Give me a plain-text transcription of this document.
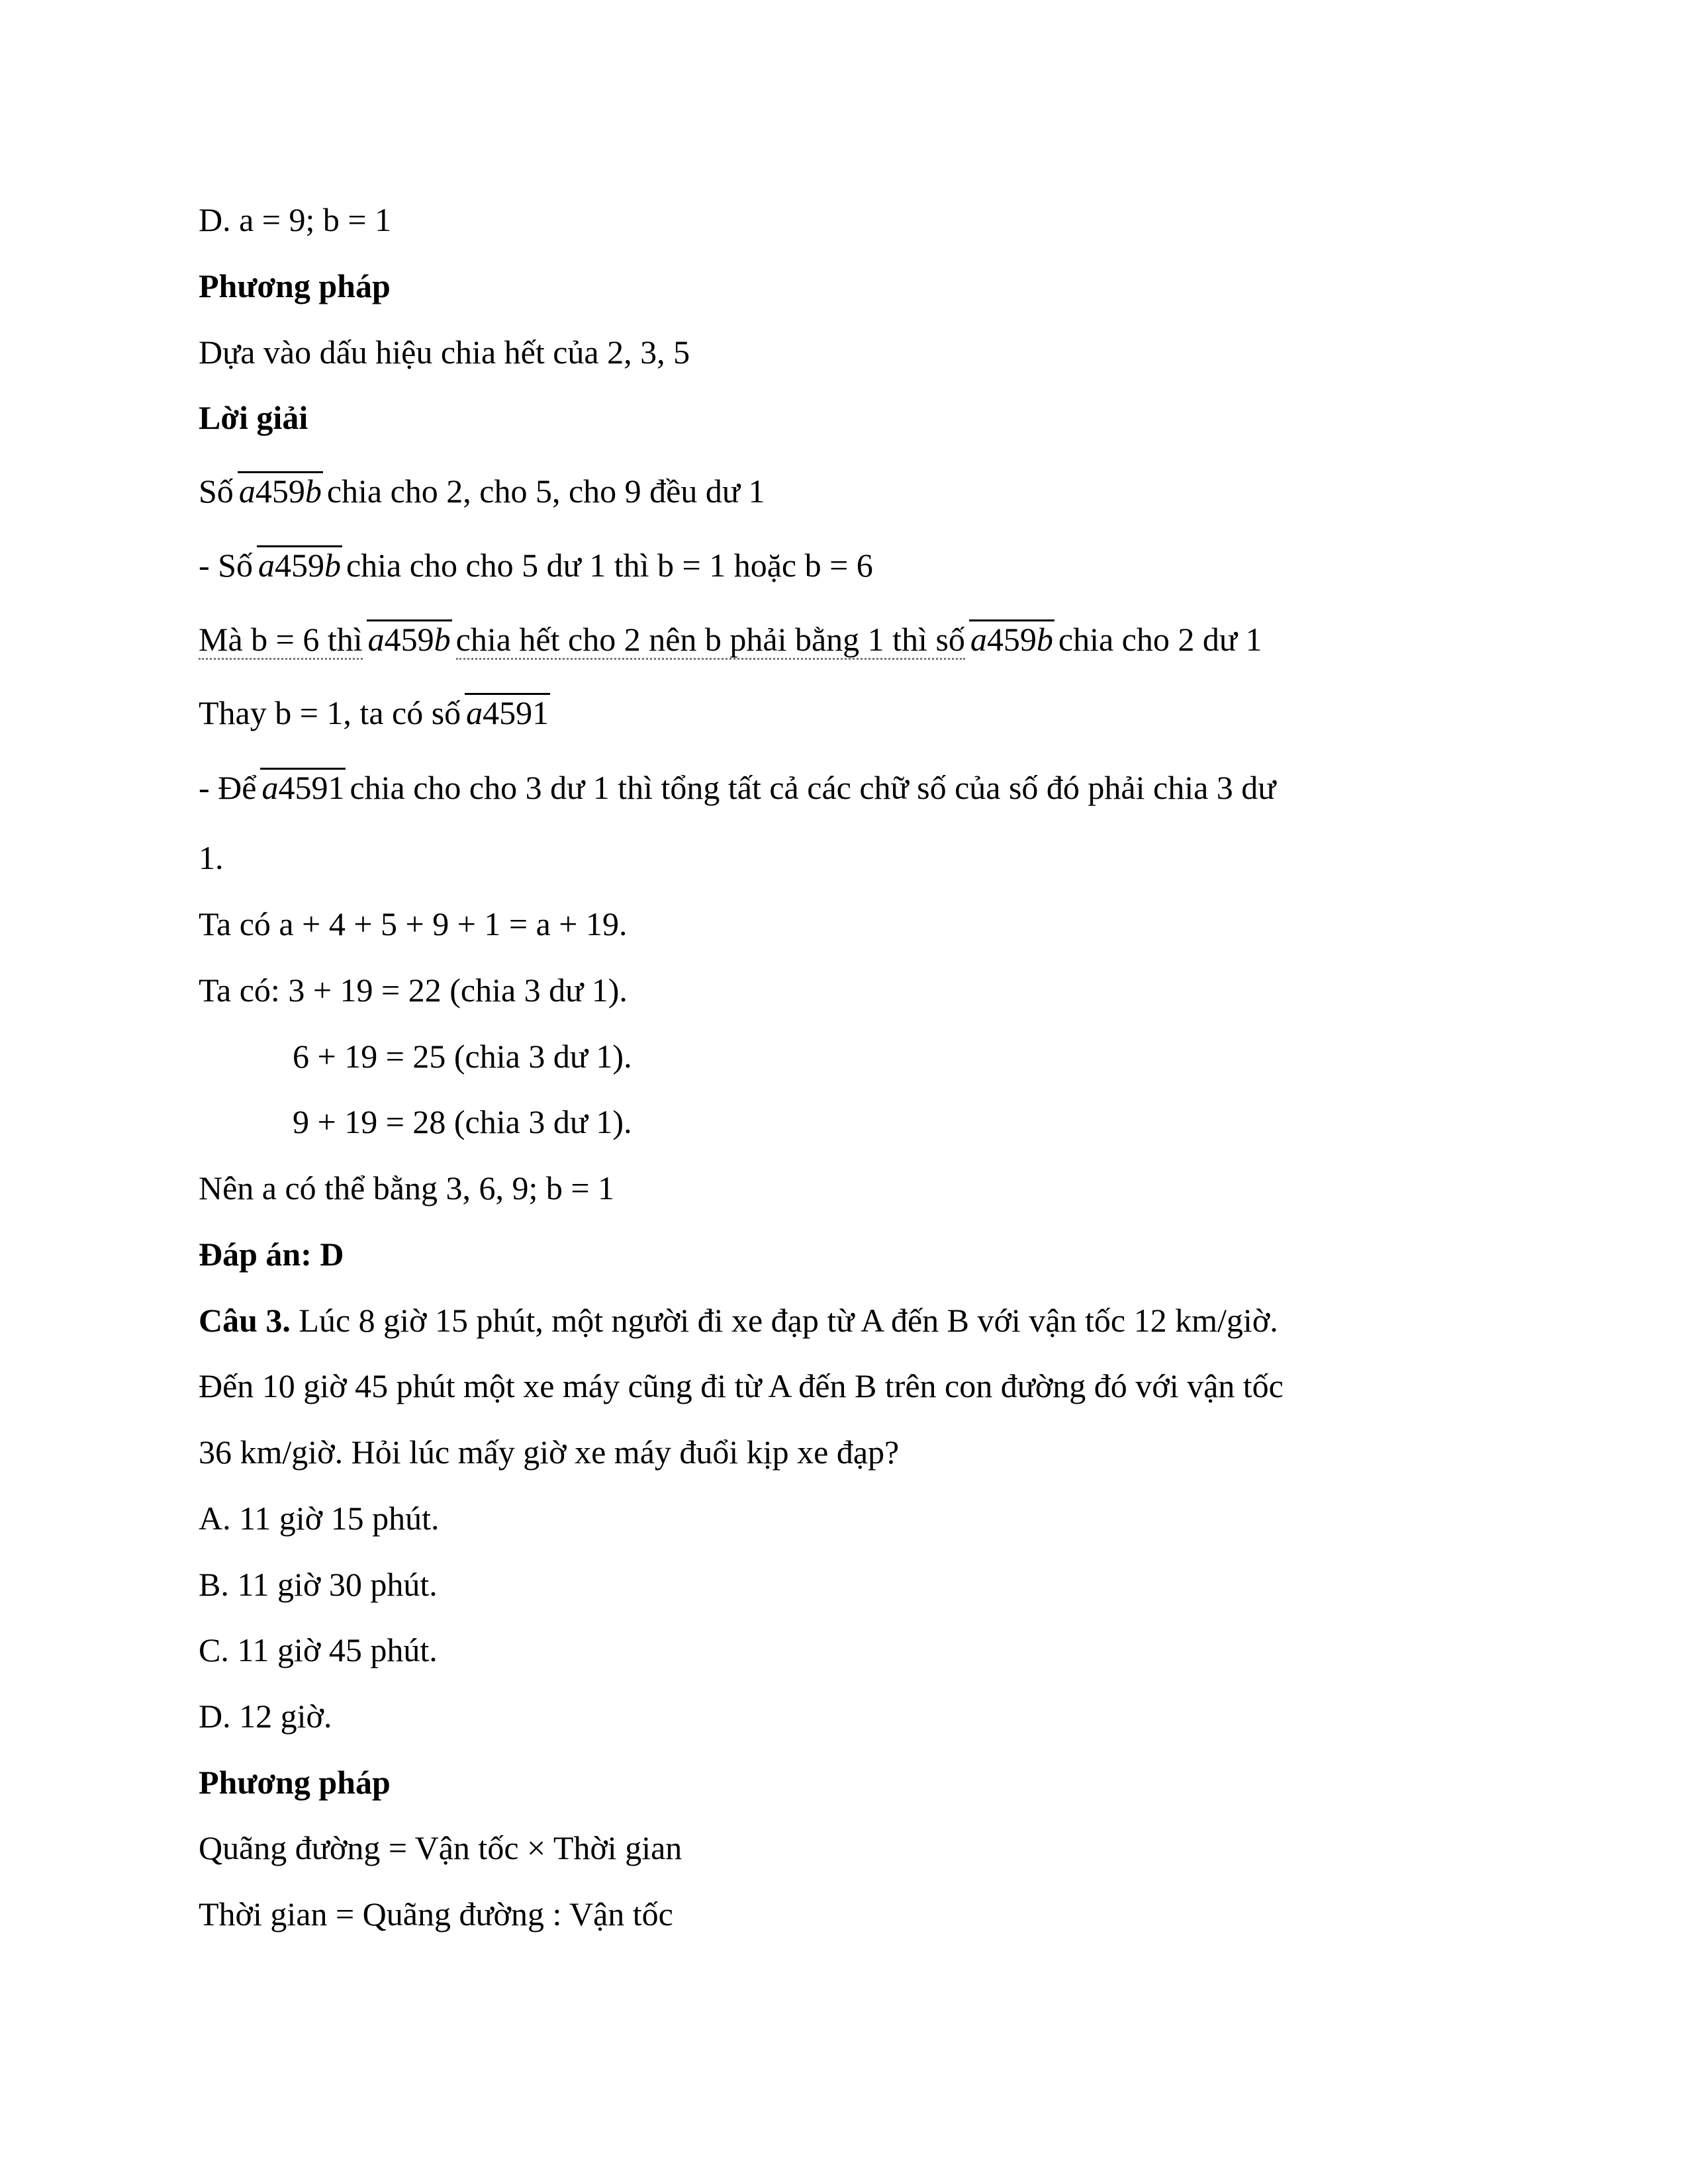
D. a = 9; b = 1
Phương pháp
Dựa vào dấu hiệu chia hết của 2, 3, 5
Lời giải
Số a459b chia cho 2, cho 5, cho 9 đều dư 1
- Số a459b chia cho cho 5 dư 1 thì b = 1 hoặc b = 6
Mà b = 6 thì a459b chia hết cho 2 nên b phải bằng 1 thì số a459b chia cho 2 dư 1
Thay b = 1, ta có số a4591
- Để a4591 chia cho cho 3 dư 1 thì tổng tất cả các chữ số của số đó phải chia 3 dư
1.
Ta có a + 4 + 5 + 9 + 1 = a + 19.
Ta có: 3 + 19 = 22 (chia 3 dư 1).
6 + 19 = 25 (chia 3 dư 1).
9 + 19 = 28 (chia 3 dư 1).
Nên a có thể bằng 3, 6, 9; b = 1
Đáp án: D
Câu 3. Lúc 8 giờ 15 phút, một người đi xe đạp từ A đến B với vận tốc 12 km/giờ.
Đến 10 giờ 45 phút một xe máy cũng đi từ A đến B trên con đường đó với vận tốc
36 km/giờ. Hỏi lúc mấy giờ xe máy đuổi kịp xe đạp?
A. 11 giờ 15 phút.
B. 11 giờ 30 phút.
C. 11 giờ 45 phút.
D. 12 giờ.
Phương pháp
Quãng đường = Vận tốc × Thời gian
Thời gian = Quãng đường : Vận tốc
